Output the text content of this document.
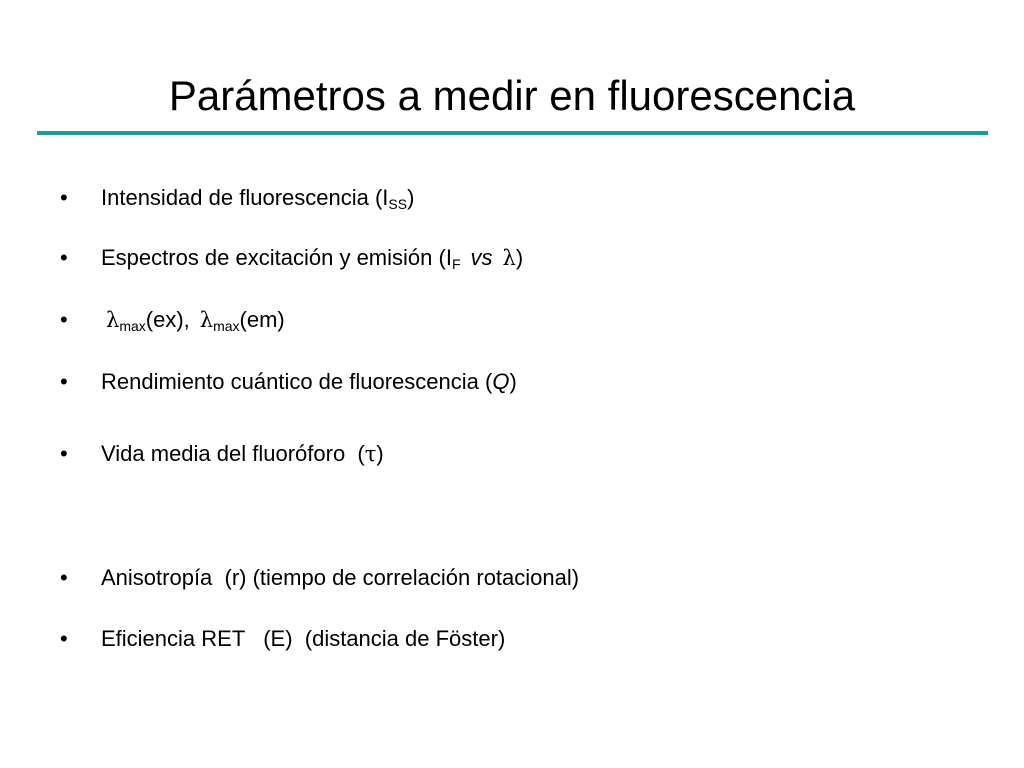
Parámetros a medir en fluorescencia
• Intensidad de fluorescencia $(I_{SS})$
• Espectros de excitación y emisión ($I_F$ vs λ)
• $\lambda_{max}(ex)$, $\lambda_{max}(em)$
• Rendimiento cuántico de fluorescencia (Q)
• Vida media del fluoróforo  (τ)
• Anisotropía  (r) (tiempo de correlación rotacional)
• Eficiencia RET   (E)  (distancia de Föster)
